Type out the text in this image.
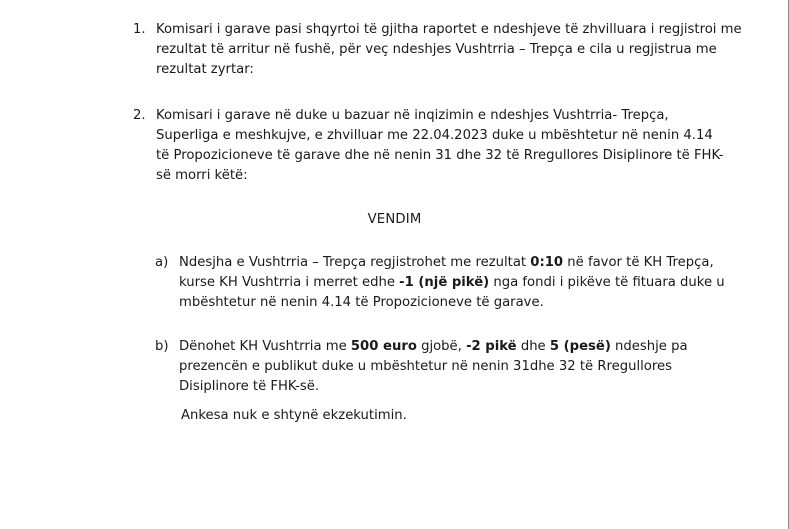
1. Komisari i garave pasi shqyrtoi të gjitha raportet e ndeshjeve të zhvilluara i regjistroi me
rezultat të arritur në fushë, për veç ndeshjes Vushtrria – Trepça e cila u regjistrua me
rezultat zyrtar:
2. Komisari i garave në duke u bazuar në inqizimin e ndeshjes Vushtrria- Trepça,
Superliga e meshkujve, e zhvilluar me 22.04.2023 duke u mbështetur në nenin 4.14
të Propozicioneve të garave dhe në nenin 31 dhe 32 të Rregullores Disiplinore të FHK-
së morri këtë:
VENDIM
a) Ndesjha e Vushtrria – Trepça regjistrohet me rezultat 0:10 në favor të KH Trepça,
kurse KH Vushtrria i merret edhe -1 (një pikë) nga fondi i pikëve të fituara duke u
mbështetur në nenin 4.14 të Propozicioneve të garave.
b) Dënohet KH Vushtrria me 500 euro gjobë, -2 pikë dhe 5 (pesë) ndeshje pa
prezencën e publikut duke u mbështetur në nenin 31dhe 32 të Rregullores
Disiplinore të FHK-së.
Ankesa nuk e shtynë ekzekutimin.
